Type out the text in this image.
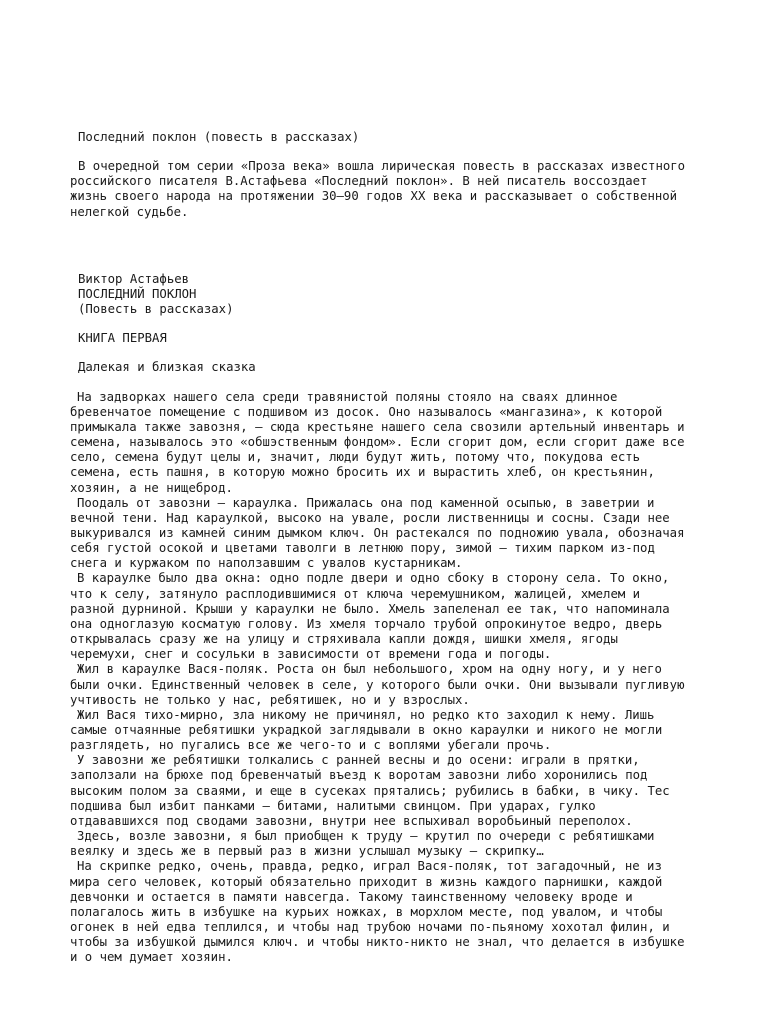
Последний поклон (повесть в рассказах)
В очередной том серии «Проза века» вошла лирическая повесть в рассказах известного
российского писателя В.Астафьева «Последний поклон». В ней писатель воссоздает
жизнь своего народа на протяжении 30—90 годов XX века и рассказывает о собственной
нелегкой судьбе.
Виктор Астафьев
ПОСЛЕДНИЙ ПОКЛОН
(Повесть в рассказах)
КНИГА ПЕРВАЯ
Далекая и близкая сказка
На задворках нашего села среди травянистой поляны стояло на сваях длинное
бревенчатое помещение с подшивом из досок. Оно называлось «мангазина», к которой
примыкала также завозня, — сюда крестьяне нашего села свозили артельный инвентарь и
семена, называлось это «обшэственным фондом». Если сгорит дом, если сгорит даже все
село, семена будут целы и, значит, люди будут жить, потому что, покудова есть
семена, есть пашня, в которую можно бросить их и вырастить хлеб, он крестьянин,
хозяин, а не нищеброд.
Поодаль от завозни — караулка. Прижалась она под каменной осыпью, в заветрии и
вечной тени. Над караулкой, высоко на увале, росли лиственницы и сосны. Сзади нее
выкуривался из камней синим дымком ключ. Он растекался по подножию увала, обозначая
себя густой осокой и цветами таволги в летнюю пору, зимой — тихим парком из-под
снега и куржаком по наползавшим с увалов кустарникам.
В караулке было два окна: одно подле двери и одно сбоку в сторону села. То окно,
что к селу, затянуло расплодившимися от ключа черемушником, жалицей, хмелем и
разной дурниной. Крыши у караулки не было. Хмель запеленал ее так, что напоминала
она одноглазую косматую голову. Из хмеля торчало трубой опрокинутое ведро, дверь
открывалась сразу же на улицу и стряхивала капли дождя, шишки хмеля, ягоды
черемухи, снег и сосульки в зависимости от времени года и погоды.
Жил в караулке Вася-поляк. Роста он был небольшого, хром на одну ногу, и у него
были очки. Единственный человек в селе, у которого были очки. Они вызывали пугливую
учтивость не только у нас, ребятишек, но и у взрослых.
Жил Вася тихо-мирно, зла никому не причинял, но редко кто заходил к нему. Лишь
самые отчаянные ребятишки украдкой заглядывали в окно караулки и никого не могли
разглядеть, но пугались все же чего-то и с воплями убегали прочь.
У завозни же ребятишки толкались с ранней весны и до осени: играли в прятки,
заползали на брюхе под бревенчатый въезд к воротам завозни либо хоронились под
высоким полом за сваями, и еще в сусеках прятались; рубились в бабки, в чику. Тес
подшива был избит панками — битами, налитыми свинцом. При ударах, гулко
отдававшихся под сводами завозни, внутри нее вспыхивал воробьиный переполох.
Здесь, возле завозни, я был приобщен к труду — крутил по очереди с ребятишками
веялку и здесь же в первый раз в жизни услышал музыку — скрипку…
На скрипке редко, очень, правда, редко, играл Вася-поляк, тот загадочный, не из
мира сего человек, который обязательно приходит в жизнь каждого парнишки, каждой
девчонки и остается в памяти навсегда. Такому таинственному человеку вроде и
полагалось жить в избушке на курьих ножках, в морхлом месте, под увалом, и чтобы
огонек в ней едва теплился, и чтобы над трубою ночами по-пьяному хохотал филин, и
чтобы за избушкой дымился ключ. и чтобы никто-никто не знал, что делается в избушке
и о чем думает хозяин.
